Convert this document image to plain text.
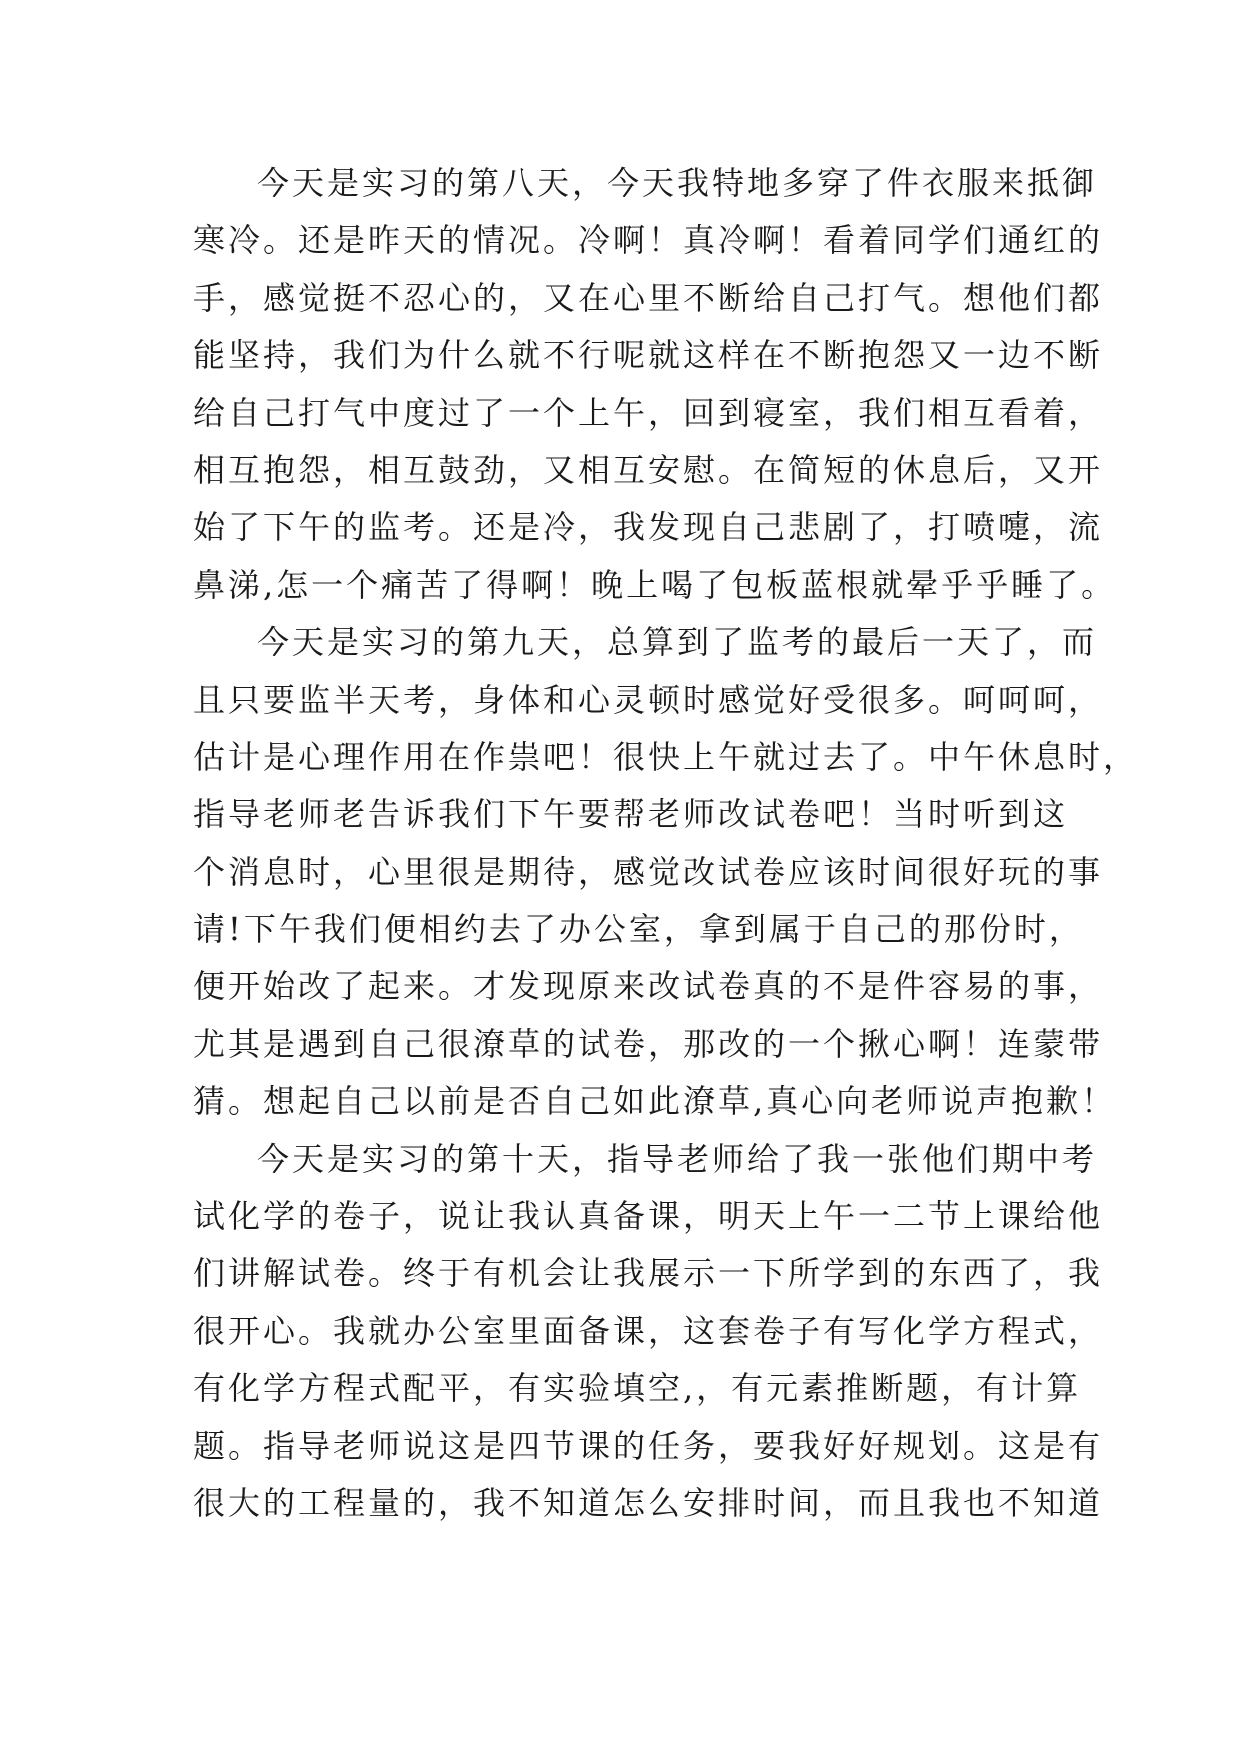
今天是实习的第八天，今天我特地多穿了件衣服来抵御
寒冷。还是昨天的情况。冷啊！真冷啊！看着同学们通红的
手，感觉挺不忍心的，又在心里不断给自己打气。想他们都
能坚持，我们为什么就不行呢就这样在不断抱怨又一边不断
给自己打气中度过了一个上午，回到寝室，我们相互看着，
相互抱怨，相互鼓劲，又相互安慰。在简短的休息后，又开
始了下午的监考。还是冷，我发现自己悲剧了，打喷嚏，流
鼻涕,怎一个痛苦了得啊！晚上喝了包板蓝根就晕乎乎睡了。
今天是实习的第九天，总算到了监考的最后一天了，而
且只要监半天考，身体和心灵顿时感觉好受很多。呵呵呵，
估计是心理作用在作祟吧！很快上午就过去了。中午休息时，
指导老师老告诉我们下午要帮老师改试卷吧！当时听到这
个消息时，心里很是期待，感觉改试卷应该时间很好玩的事
请!下午我们便相约去了办公室，拿到属于自己的那份时，
便开始改了起来。才发现原来改试卷真的不是件容易的事，
尤其是遇到自己很潦草的试卷，那改的一个揪心啊！连蒙带
猜。想起自己以前是否自己如此潦草,真心向老师说声抱歉！
今天是实习的第十天，指导老师给了我一张他们期中考
试化学的卷子，说让我认真备课，明天上午一二节上课给他
们讲解试卷。终于有机会让我展示一下所学到的东西了，我
很开心。我就办公室里面备课，这套卷子有写化学方程式，
有化学方程式配平，有实验填空,，有元素推断题，有计算
题。指导老师说这是四节课的任务，要我好好规划。这是有
很大的工程量的，我不知道怎么安排时间，而且我也不知道
